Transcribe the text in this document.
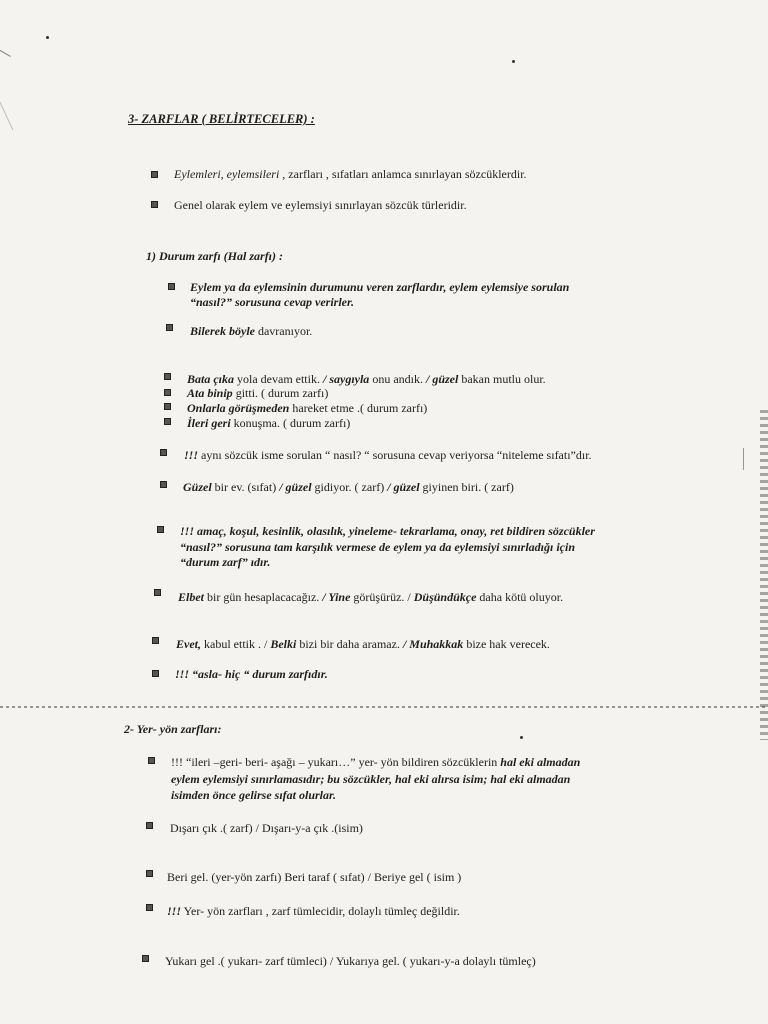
3- ZARFLAR ( BELİRTECELER) :
Eylemleri, eylemsileri , zarfları , sıfatları anlamca sınırlayan sözcüklerdir.
Genel olarak eylem ve eylemsiyi sınırlayan sözcük türleridir.
1) Durum zarfı (Hal zarfı) :
Eylem ya da eylemsinin durumunu veren zarflardır, eylem eylemsiye sorulan
“nasıl?” sorusuna cevap verirler.
Bilerek böyle davranıyor.
Bata çıka yola devam ettik. / saygıyla onu andık. / güzel bakan mutlu olur.
Ata binip gitti. ( durum zarfı)
Onlarla görüşmeden hareket etme .( durum zarfı)
İleri geri konuşma. ( durum zarfı)
!!! aynı sözcük isme sorulan “ nasıl? “ sorusuna cevap veriyorsa “niteleme sıfatı”dır.
Güzel bir ev. (sıfat) / güzel gidiyor. ( zarf) / güzel giyinen biri. ( zarf)
!!! amaç, koşul, kesinlik, olasılık, yineleme- tekrarlama, onay, ret bildiren sözcükler
“nasıl?” sorusuna tam karşılık vermese de eylem ya da eylemsiyi sınırladığı için
“durum zarf” ıdır.
Elbet bir gün hesaplacacağız. / Yine görüşürüz. / Düşündükçe daha kötü oluyor.
Evet, kabul ettik . / Belki bizi bir daha aramaz. / Muhakkak bize hak verecek.
!!! “asla- hiç “ durum zarfıdır.
2- Yer- yön zarfları:
!!! “ileri –geri- beri- aşağı – yukarı…” yer- yön bildiren sözcüklerin hal eki almadan
eylem eylemsiyi sınırlamasıdır; bu sözcükler, hal eki alırsa isim; hal eki almadan
isimden önce gelirse sıfat olurlar.
Dışarı çık .( zarf) / Dışarı-y-a çık .(isim)
Beri gel. (yer-yön zarfı) Beri taraf ( sıfat) / Beriye gel ( isim )
!!! Yer- yön zarfları , zarf tümlecidir, dolaylı tümleç değildir.
Yukarı gel .( yukarı- zarf tümleci) / Yukarıya gel. ( yukarı-y-a dolaylı tümleç)
